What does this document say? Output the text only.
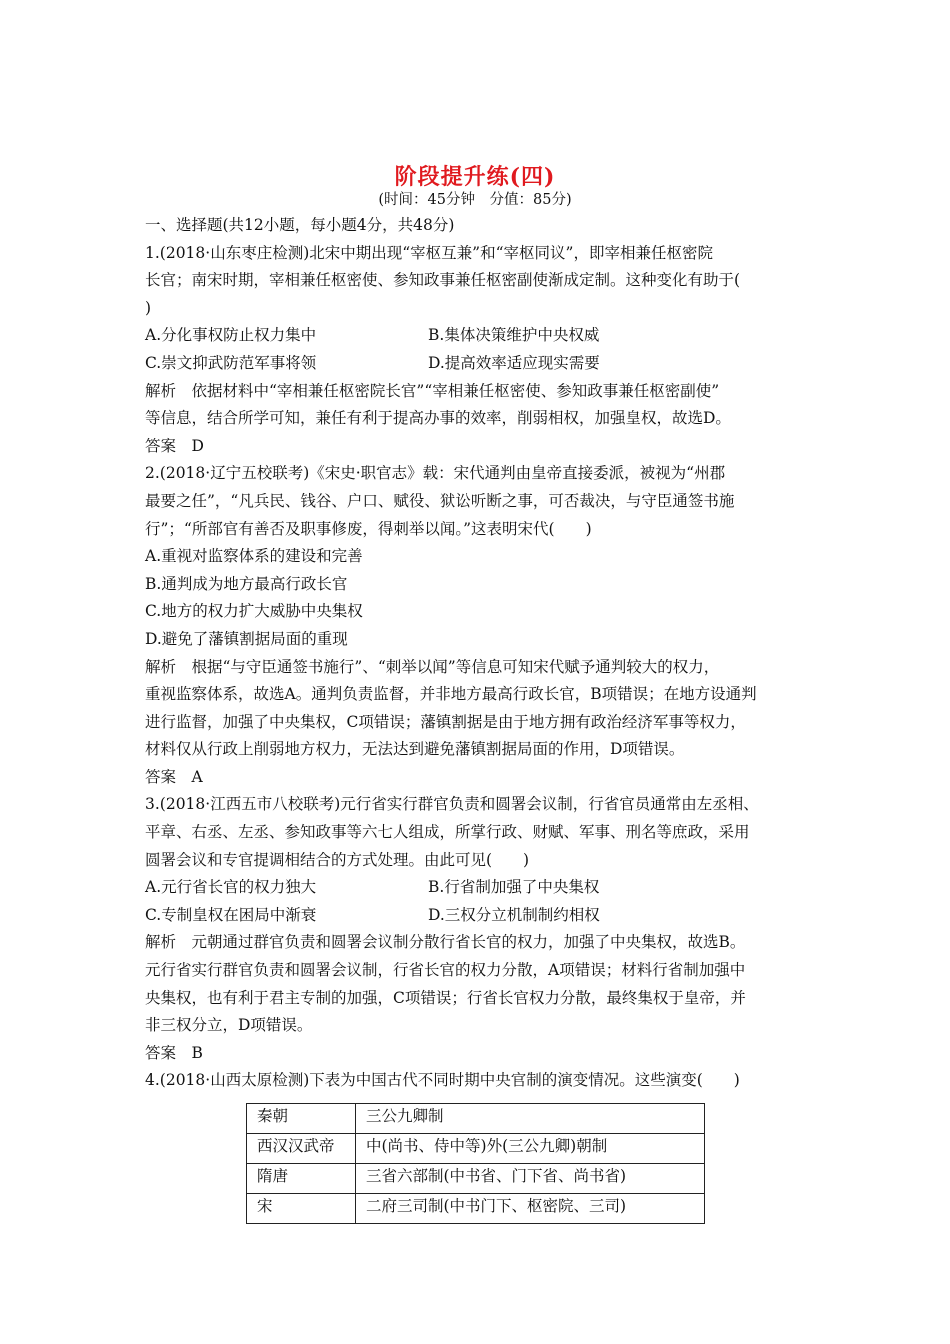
阶段提升练(四)
(时间：45分钟　分值：85分)
一、选择题(共12小题，每小题4分，共48分)
1.(2018·山东枣庄检测)北宋中期出现“宰枢互兼”和“宰枢同议”，即宰相兼任枢密院
长官；南宋时期，宰相兼任枢密使、参知政事兼任枢密副使渐成定制。这种变化有助于(
)
A.分化事权防止权力集中	B.集体决策维护中央权威
C.崇文抑武防范军事将领	D.提高效率适应现实需要
解析　依据材料中“宰相兼任枢密院长官”“宰相兼任枢密使、参知政事兼任枢密副使”
等信息，结合所学可知，兼任有利于提高办事的效率，削弱相权，加强皇权，故选D。
答案　D
2.(2018·辽宁五校联考)《宋史·职官志》载：宋代通判由皇帝直接委派，被视为“州郡
最要之任”，“凡兵民、钱谷、户口、赋役、狱讼听断之事，可否裁决，与守臣通签书施
行”；“所部官有善否及职事修废，得刺举以闻。”这表明宋代(　　)
A.重视对监察体系的建设和完善
B.通判成为地方最高行政长官
C.地方的权力扩大威胁中央集权
D.避免了藩镇割据局面的重现
解析　根据“与守臣通签书施行”、“刺举以闻”等信息可知宋代赋予通判较大的权力，
重视监察体系，故选A。通判负责监督，并非地方最高行政长官，B项错误；在地方设通判
进行监督，加强了中央集权，C项错误；藩镇割据是由于地方拥有政治经济军事等权力，
材料仅从行政上削弱地方权力，无法达到避免藩镇割据局面的作用，D项错误。
答案　A
3.(2018·江西五市八校联考)元行省实行群官负责和圆署会议制，行省官员通常由左丞相、
平章、右丞、左丞、参知政事等六七人组成，所掌行政、财赋、军事、刑名等庶政，采用
圆署会议和专官提调相结合的方式处理。由此可见(　　)
A.元行省长官的权力独大	B.行省制加强了中央集权
C.专制皇权在困局中渐衰	D.三权分立机制制约相权
解析　元朝通过群官负责和圆署会议制分散行省长官的权力，加强了中央集权，故选B。
元行省实行群官负责和圆署会议制，行省长官的权力分散，A项错误；材料行省制加强中
央集权，也有利于君主专制的加强，C项错误；行省长官权力分散，最终集权于皇帝，并
非三权分立，D项错误。
答案　B
4.(2018·山西太原检测)下表为中国古代不同时期中央官制的演变情况。这些演变(　　)
秦朝	三公九卿制
西汉汉武帝	中(尚书、侍中等)外(三公九卿)朝制
隋唐	三省六部制(中书省、门下省、尚书省)
宋	二府三司制(中书门下、枢密院、三司)
